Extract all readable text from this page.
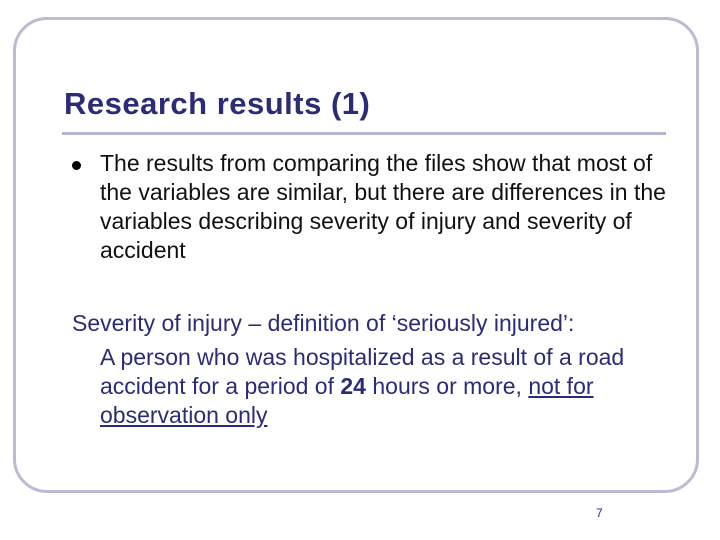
Research results (1)
The results from comparing the files show that most of the variables are similar, but there are differences in the variables describing severity of injury and severity of accident
Severity of injury – definition of ‘seriously injured’:
A person who was hospitalized as a result of a road accident for a period of 24 hours or more, not for observation only
7
